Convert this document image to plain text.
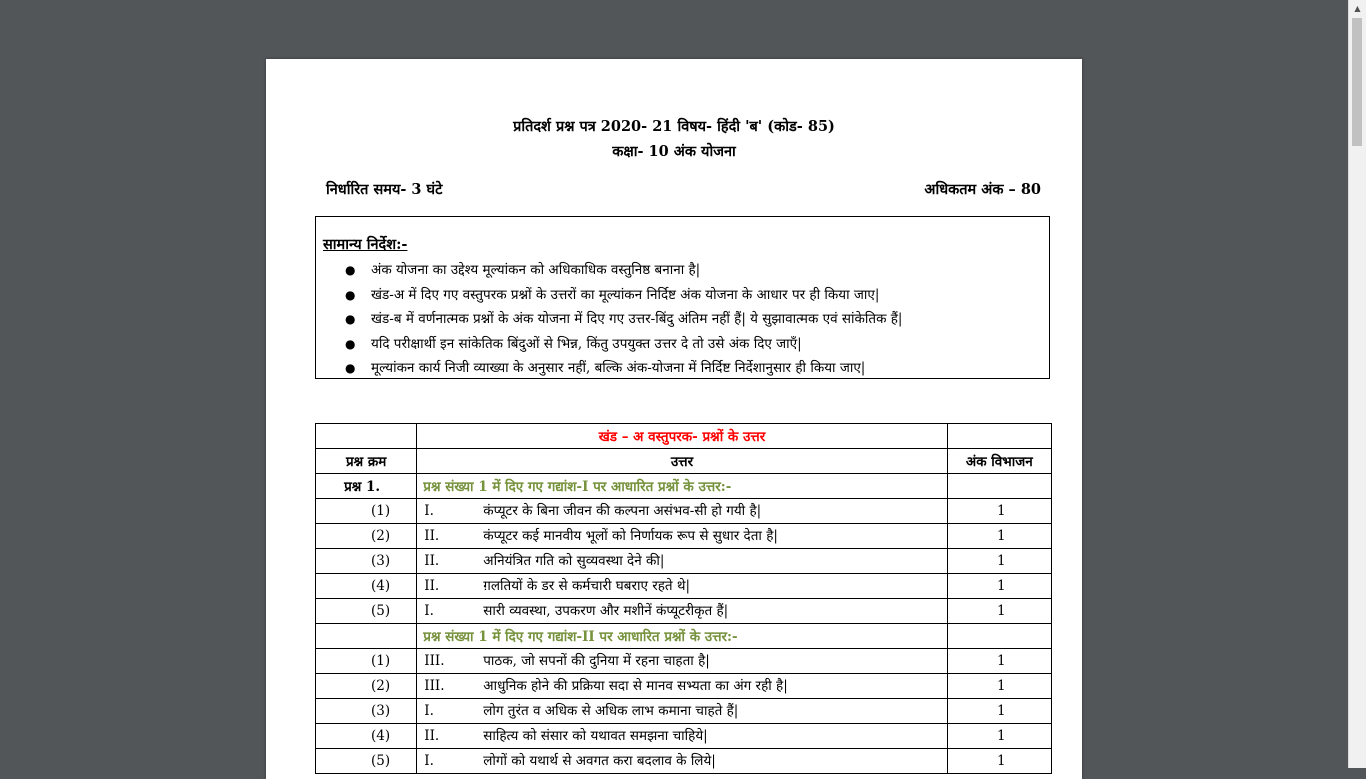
▲
प्रतिदर्श प्रश्न पत्र 2020- 21 विषय- हिंदी 'ब' (कोड- 85)
कक्षा- 10 अंक योजना
निर्धारित समय- 3 घंटे	अधिकतम अंक – 80
सामान्य निर्देश:-
● अंक योजना का उद्देश्य मूल्यांकन को अधिकाधिक वस्तुनिष्ठ बनाना है|
● खंड-अ में दिए गए वस्तुपरक प्रश्नों के उत्तरों का मूल्यांकन निर्दिष्ट अंक योजना के आधार पर ही किया जाए|
● खंड-ब में वर्णनात्मक प्रश्नों के अंक योजना में दिए गए उत्तर-बिंदु अंतिम नहीं हैं| ये सुझावात्मक एवं सांकेतिक हैं|
● यदि परीक्षार्थी इन सांकेतिक बिंदुओं से भिन्न, किंतु उपयुक्त उत्तर दे तो उसे अंक दिए जाएँ|
● मूल्यांकन कार्य निजी व्याख्या के अनुसार नहीं, बल्कि अंक-योजना में निर्दिष्ट निर्देशानुसार ही किया जाए|
	खंड – अ वस्तुपरक- प्रश्नों के उत्तर	
प्रश्न क्रम	उत्तर	अंक विभाजन
प्रश्न 1.	प्रश्न संख्या 1 में दिए गए गद्यांश-I पर आधारित प्रश्नों के उत्तर:-	
(1)	I. कंप्यूटर के बिना जीवन की कल्पना असंभव-सी हो गयी है|	1
(2)	II. कंप्यूटर कई मानवीय भूलों को निर्णायक रूप से सुधार देता है|	1
(3)	II. अनियंत्रित गति को सुव्यवस्था देने की|	1
(4)	II. ग़लतियों के डर से कर्मचारी घबराए रहते थे|	1
(5)	I. सारी व्यवस्था, उपकरण और मशीनें कंप्यूटरीकृत हैं|	1
	प्रश्न संख्या 1 में दिए गए गद्यांश-II पर आधारित प्रश्नों के उत्तर:-	
(1)	III. पाठक, जो सपनों की दुनिया में रहना चाहता है|	1
(2)	III. आधुनिक होने की प्रक्रिया सदा से मानव सभ्यता का अंग रही है|	1
(3)	I. लोग तुरंत व अधिक से अधिक लाभ कमाना चाहते हैं|	1
(4)	II. साहित्य को संसार को यथावत समझना चाहिये|	1
(5)	I. लोगों को यथार्थ से अवगत करा बदलाव के लिये|	1
